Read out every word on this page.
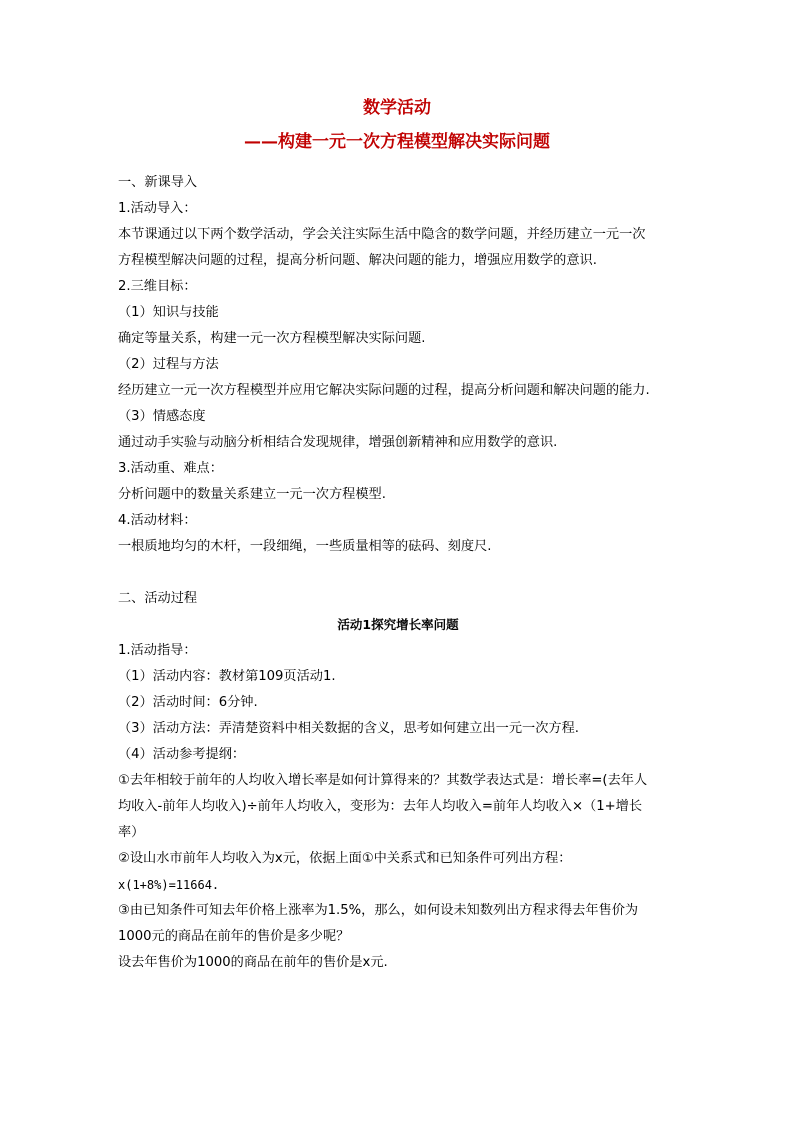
数学活动
——构建一元一次方程模型解决实际问题
一、新课导入
1.活动导入：
本节课通过以下两个数学活动，学会关注实际生活中隐含的数学问题，并经历建立一元一次
方程模型解决问题的过程，提高分析问题、解决问题的能力，增强应用数学的意识.
2.三维目标：
（1）知识与技能
确定等量关系，构建一元一次方程模型解决实际问题.
（2）过程与方法
经历建立一元一次方程模型并应用它解决实际问题的过程，提高分析问题和解决问题的能力.
（3）情感态度
通过动手实验与动脑分析相结合发现规律，增强创新精神和应用数学的意识.
3.活动重、难点：
分析问题中的数量关系建立一元一次方程模型.
4.活动材料：
一根质地均匀的木杆，一段细绳，一些质量相等的砝码、刻度尺.
二、活动过程
活动1探究增长率问题
1.活动指导：
（1）活动内容：教材第109页活动1.
（2）活动时间：6分钟.
（3）活动方法：弄清楚资料中相关数据的含义，思考如何建立出一元一次方程.
（4）活动参考提纲：
①去年相较于前年的人均收入增长率是如何计算得来的？其数学表达式是：增长率=(去年人
均收入-前年人均收入)÷前年人均收入，变形为：去年人均收入=前年人均收入×（1+增长
率）
②设山水市前年人均收入为x元，依据上面①中关系式和已知条件可列出方程：
x(1+8%)=11664.
③由已知条件可知去年价格上涨率为1.5%，那么，如何设未知数列出方程求得去年售价为
1000元的商品在前年的售价是多少呢？
设去年售价为1000的商品在前年的售价是x元.
